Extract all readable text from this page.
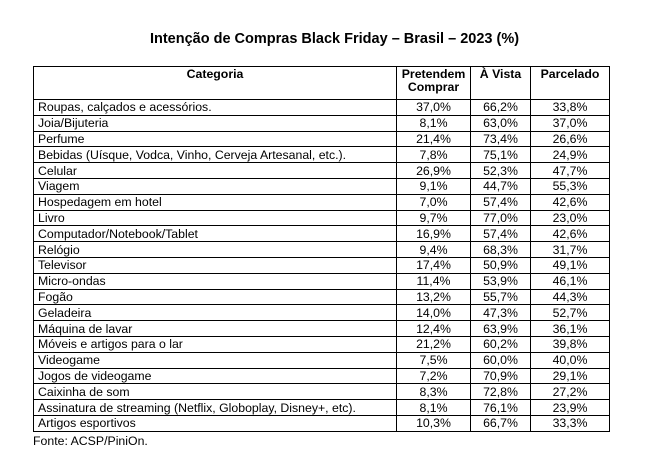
Intenção de Compras Black Friday – Brasil – 2023 (%)
Categoria	Pretendem Comprar	À Vista	Parcelado
Roupas, calçados e acessórios.	37,0%	66,2%	33,8%
Joia/Bijuteria	8,1%	63,0%	37,0%
Perfume	21,4%	73,4%	26,6%
Bebidas (Uísque, Vodca, Vinho, Cerveja Artesanal, etc.).	7,8%	75,1%	24,9%
Celular	26,9%	52,3%	47,7%
Viagem	9,1%	44,7%	55,3%
Hospedagem em hotel	7,0%	57,4%	42,6%
Livro	9,7%	77,0%	23,0%
Computador/Notebook/Tablet	16,9%	57,4%	42,6%
Relógio	9,4%	68,3%	31,7%
Televisor	17,4%	50,9%	49,1%
Micro-ondas	11,4%	53,9%	46,1%
Fogão	13,2%	55,7%	44,3%
Geladeira	14,0%	47,3%	52,7%
Máquina de lavar	12,4%	63,9%	36,1%
Móveis e artigos para o lar	21,2%	60,2%	39,8%
Videogame	7,5%	60,0%	40,0%
Jogos de videogame	7,2%	70,9%	29,1%
Caixinha de som	8,3%	72,8%	27,2%
Assinatura de streaming (Netflix, Globoplay, Disney+, etc).	8,1%	76,1%	23,9%
Artigos esportivos	10,3%	66,7%	33,3%
Fonte: ACSP/PiniOn.
